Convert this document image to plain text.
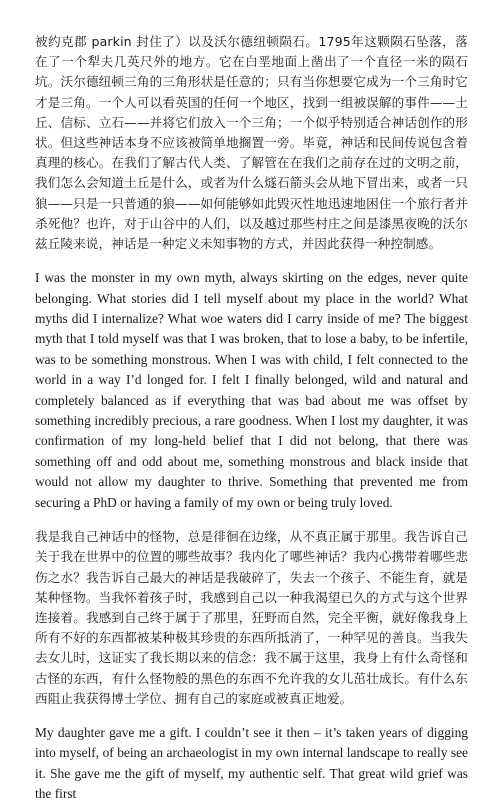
被约克郡 parkin 封住了）以及沃尔德纽顿陨石。1795年这颗陨石坠落，落在了一个犁夫几英尺外的地方。它在白垩地面上凿出了一个直径一米的陨石坑。沃尔德纽顿三角的三角形状是任意的；只有当你想要它成为一个三角时它才是三角。一个人可以看英国的任何一个地区，找到一组被误解的事件——土丘、信标、立石——并将它们放入一个三角；一个似乎特别适合神话创作的形状。但这些神话本身不应该被简单地搁置一旁。毕竟，神话和民间传说包含着真理的核心。在我们了解古代人类、了解管在在我们之前存在过的文明之前，我们怎么会知道土丘是什么，或者为什么燧石箭头会从地下冒出来，或者一只狼——只是一只普通的狼——如何能够如此毁灭性地迅速地困住一个旅行者并杀死他？也许，对于山谷中的人们，以及越过那些村庄之间是漆黑夜晚的沃尔兹丘陵来说，神话是一种定义未知事物的方式，并因此获得一种控制感。

I was the monster in my own myth, always skirting on the edges, never quite belonging. What stories did I tell myself about my place in the world? What myths did I internalize? What woe waters did I carry inside of me? The biggest myth that I told myself was that I was broken, that to lose a baby, to be infertile, was to be something monstrous. When I was with child, I felt connected to the world in a way I’d longed for. I felt I finally belonged, wild and natural and completely balanced as if everything that was bad about me was offset by something incredibly precious, a rare goodness. When I lost my daughter, it was confirmation of my long-held belief that I did not belong, that there was something off and odd about me, something monstrous and black inside that would not allow my daughter to thrive. Something that prevented me from securing a PhD or having a family of my own or being truly loved.

我是我自己神话中的怪物，总是徘徊在边缘，从不真正属于那里。我告诉自己关于我在世界中的位置的哪些故事？我内化了哪些神话？我内心携带着哪些悲伤之水？我告诉自己最大的神话是我破碎了，失去一个孩子、不能生育，就是某种怪物。当我怀着孩子时，我感到自己以一种我渴望已久的方式与这个世界连接着。我感到自己终于属于了那里，狂野而自然，完全平衡，就好像我身上所有不好的东西都被某种极其珍贵的东西所抵消了，一种罕见的善良。当我失去女儿时，这证实了我长期以来的信念：我不属于这里，我身上有什么奇怪和古怪的东西，有什么怪物般的黑色的东西不允许我的女儿茁壮成长。有什么东西阻止我获得博士学位、拥有自己的家庭或被真正地爱。

My daughter gave me a gift. I couldn’t see it then – it’s taken years of digging into myself, of being an archaeologist in my own internal landscape to really see it. She gave me the gift of myself, my authentic self. That great wild grief was the first
